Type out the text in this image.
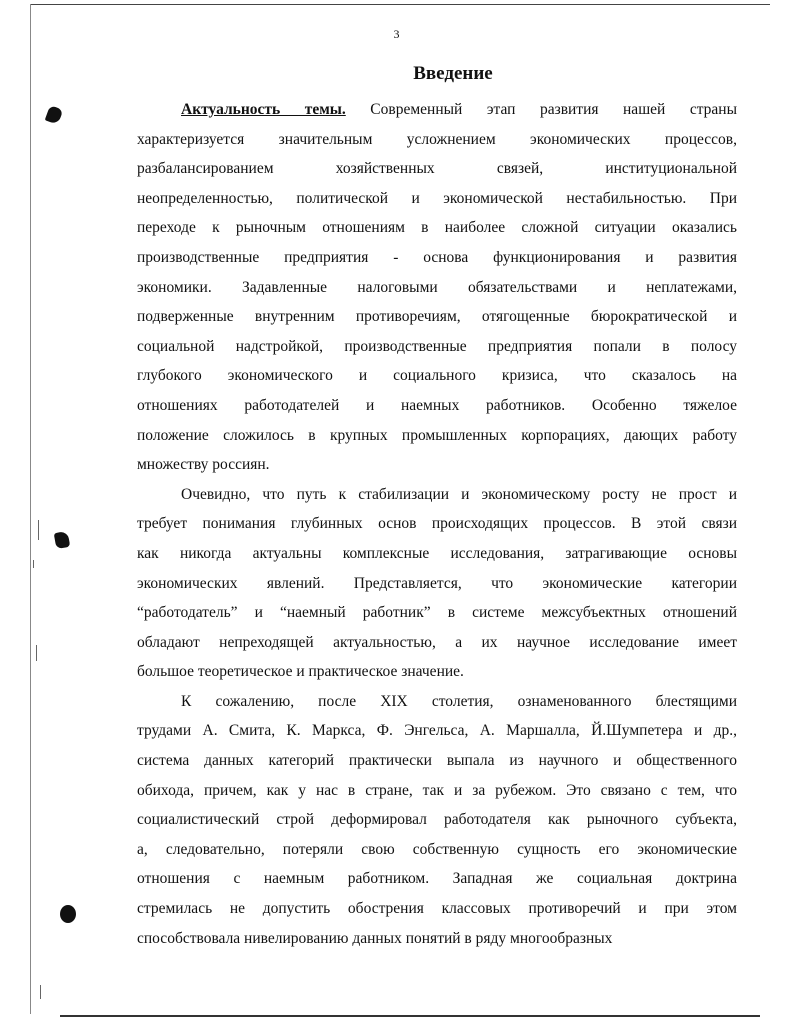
3
Введение
Актуальность темы. Современный этап развития нашей страны
характеризуется значительным усложнением экономических процессов,
разбалансированием хозяйственных связей, институциональной
неопределенностью, политической и экономической нестабильностью. При
переходе к рыночным отношениям в наиболее сложной ситуации оказались
производственные предприятия - основа функционирования и развития
экономики. Задавленные налоговыми обязательствами и неплатежами,
подверженные внутренним противоречиям, отягощенные бюрократической и
социальной надстройкой, производственные предприятия попали в полосу
глубокого экономического и социального кризиса, что сказалось на
отношениях работодателей и наемных работников. Особенно тяжелое
положение сложилось в крупных промышленных корпорациях, дающих работу
множеству россиян.
Очевидно, что путь к стабилизации и экономическому росту не прост и
требует понимания глубинных основ происходящих процессов. В этой связи
как никогда актуальны комплексные исследования, затрагивающие основы
экономических явлений. Представляется, что экономические категории
“работодатель” и “наемный работник” в системе межсубъектных отношений
обладают непреходящей актуальностью, а их научное исследование имеет
большое теоретическое и практическое значение.
К сожалению, после XIX столетия, ознаменованного блестящими
трудами А. Смита, К. Маркса, Ф. Энгельса, А. Маршалла, Й.Шумпетера и др.,
система данных категорий практически выпала из научного и общественного
обихода, причем, как у нас в стране, так и за рубежом. Это связано с тем, что
социалистический строй деформировал работодателя как рыночного субъекта,
а, следовательно, потеряли свою собственную сущность его экономические
отношения с наемным работником. Западная же социальная доктрина
стремилась не допустить обострения классовых противоречий и при этом
способствовала нивелированию данных понятий в ряду многообразных
